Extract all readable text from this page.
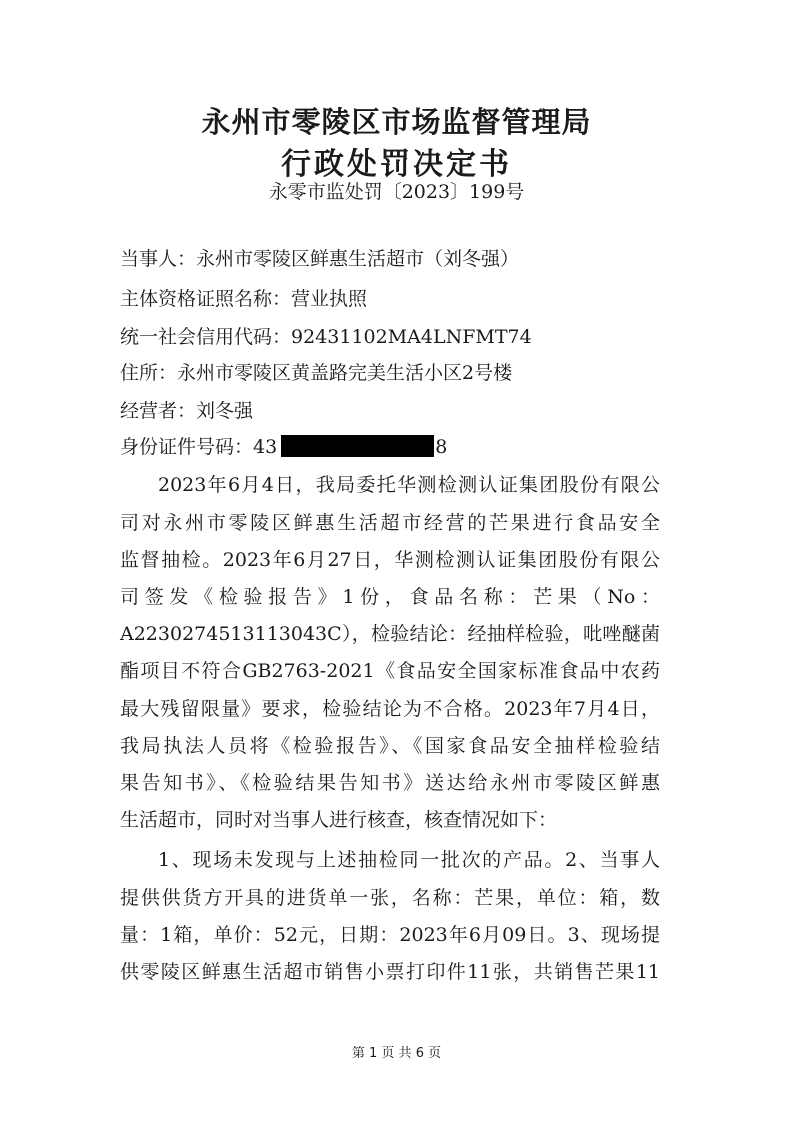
永州市零陵区市场监督管理局
行政处罚决定书
永零市监处罚〔2023〕199号
当事人：永州市零陵区鲜惠生活超市（刘冬强）
主体资格证照名称：营业执照
统一社会信用代码：92431102MA4LNFMT74
住所：永州市零陵区黄盖路完美生活小区2号楼
经营者：刘冬强
身份证件号码：43	8
2023年6月4日，我局委托华测检测认证集团股份有限公
司对永州市零陵区鲜惠生活超市经营的芒果进行食品安全
监督抽检。2023年6月27日，华测检测认证集团股份有限公
司签发《检验报告》1份，食品名称：芒果（No：
A2230274513113043C），检验结论：经抽样检验，吡唑醚菌
酯项目不符合GB2763-2021《食品安全国家标准食品中农药
最大残留限量》要求，检验结论为不合格。2023年7月4日，
我局执法人员将《检验报告》、《国家食品安全抽样检验结
果告知书》、《检验结果告知书》送达给永州市零陵区鲜惠
生活超市，同时对当事人进行核查，核查情况如下：
1、现场未发现与上述抽检同一批次的产品。2、当事人
提供供货方开具的进货单一张，名称：芒果，单位：箱，数
量：1箱，单价：52元，日期：2023年6月09日。3、现场提
供零陵区鲜惠生活超市销售小票打印件11张，共销售芒果11
第 1 页 共 6 页
